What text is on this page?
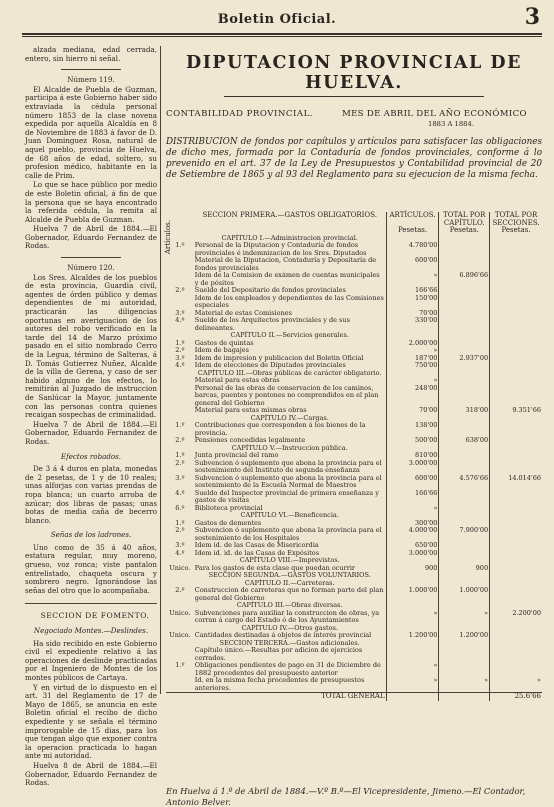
Boletin Oficial.	3

alzada mediana, edad cerrada, entero, sin hierro ni señal.

Número 119.

El Alcalde de Puebla de Guzman, participa á este Gobierno haber sido extraviada la cédula personal número 1853 de la clase novena expedida por aquella Alcaldía en 8 de Noviembre de 1883 á favor de D. Juan Dominguez Rosa, natural de aquel pueblo, provincia de Huelva, de 68 años de edad, soltero, su profesion médico, habitante en la calle de Prim.

Lo que se hace público por medio de este Boletin oficial, á fin de que la persona que se haya encontrado la referida cédula, la remita al Alcalde de Puebla de Guzman.

Huelva 7 de Abril de 1884.—El Gobernador, Eduardo Fernandez de Rodas.

Número 120.

Los Sres. Alcaldes de los pueblos de esta provincia, Guardia civil, agentes de órden público y demas dependientes de mi autoridad, practicarán las diligencias oportunas en averiguacion de los autores del robo verificado en la tarde del 14 de Marzo próximo pasado en el sitio nombrado Cerro de la Legua, término de Salteras, á D. Tomás Gutierrez Nuñez, Alcalde de la villa de Gerena, y caso de ser habido alguno de los efectos, lo remitirán al Juzgado de instruccion de Sanlúcar la Mayor, juntamente con las personas contra quienes recaigan sospechas de criminalidad.

Huelva 7 de Abril de 1884.—El Gobernador, Eduardo Fernandez de Rodas.

Efectos robados.

De 3 á 4 duros en plata, monedas de 2 pesetas, de 1 y de 10 reales; unas alforjas con varias prendas de ropa blanca; un cuarto arroba de azúcar; dos libras de pasas; unas botas de media caña de becerro blanco.

Señas de los ladrones.

Uno como de 35 á 40 años, estatura regular, muy moreno, grueso, voz ronca; viste pantalon entrelistado, chaqueta oscura y sombrero negro. Ignorándose las señas del otro que lo acompañaba.

SECCION DE FOMENTO.

Negociado Montes.—Deslindes.

Ha sido recibido en este Gobierno civil el expediente relativo á las operaciones de deslinde practicadas por el Ingeniero de Montes de los montes públicos de Cartaya.

Y en virtud de lo dispuesto en el art. 31 del Reglamento de 17 de Mayo de 1865, se anuncia en este Boletin oficial el recibo de dicho expediente y se señala el término improrogable de 15 dias, para los que tengan algo que exponer contra la operacion practicada lo hagan ante mi autoridad.

Huelva 8 de Abril de 1884.—El Gobernador, Eduardo Fernandez de Rodas.

DIPUTACION PROVINCIAL DE HUELVA.
CONTABILIDAD PROVINCIAL.	MES DE ABRIL DEL AÑO ECONÓMICO
1883 A 1884.
DISTRIBUCION de fondos por capítulos y artículos para satisfacer las obligaciones de dicho mes, formada por la Contaduría de fondos provinciales, conforme á lo prevenido en el art. 37 de la Ley de Presupuestos y Contabilidad provincial de 20 de Setiembre de 1865 y al 93 del Reglamento para su ejecucion de la misma fecha.
Artículos.
	SECCION PRIMERA.—GASTOS OBLIGATORIOS.	ARTÍCULOS.	TOTAL POR CAPÍTULO.	TOTAL POR SECCIONES.
		Pesetas.	Pesetas.	Pesetas.
	CAPÍTULO I.—Administracion provincial.			
1.º	Personal de la Diputacion y Contaduría de fondos provinciales é indemnizacion de los Sres. Diputados	4.780'00		
	Material de la Diputacion, Contaduría y Depositaría de fondos provinciales	600'00		
	Idem de la Comision de exámen de cuentas municipales y de pósitos	»	6.896'66	
2.º	Sueldo del Depositario de fondos provinciales	166'66		
	Idem de los empleados y dependientes de las Comisiones especiales	150'00		
3.º	Material de estas Comisiones	70'00		
4.º	Sueldo de los Arquitectos provinciales y de sus delineantes.	330'00		
	CAPÍTULO II.—Servicios generales.			
1.º	Gastos de quintas	2.000'00		
2.º	Idem de bagajes	»		
3.º	Idem de impresion y publicacion del Boletin Oficial	187'00	2.937'00	
4.º	Idem de elecciones de Diputados provinciales	750'00		
	CAPÍTULO III.—Obras públicas de carácter obligatorio.			
	Material para estas obras	»		
	Personal de las obras de conservacion de los caminos, barcas, puentes y pontones no comprendidos en el plan general del Gobierno	248'00		
	Material para estas mismas obras	70'00	318'00	9.351'66
	CAPÍTULO IV.—Cargas.			
1.º	Contribuciones que corresponden á los bienes de la provincia.	138'00		
2.º	Pensiones concedidas legalmente	500'00	638'00	
	CAPÍTULO V.—Instruccion pública.			
1.º	Junta provincial del ramo	810'00		
2.º	Subvencion ó suplemento que abona la provincia para el sostenimiento del Instituto de segunda enseñanza	3.000'00		
3.º	Subvencion ó suplemento que abona la provincia para el sostenimiento de la Escuela Normal de Maestros	600'00	4.576'66	14.014'66
4.º	Sueldo del Inspector provincial de primera enseñanza y gastos de visitas	166'66		
6.º	Biblioteca provincial	»		
	CAPÍTULO VI.—Beneficencia.			
1.º	Gastos de dementes	300'00		
2.º	Subvencion ó suplemento que abona la provincia para el sostenimiento de los Hospitales	4.000'00	7.900'00	
3.º	Idem id. de las Casas de Misericordia	650'00		
4.º	Idem id. id. de las Casas de Expósitos	3.000'00		
	CAPÍTULO VIII.—Imprevistos.			
Unico.	Para los gastos de esta clase que puedan ocurrir	900	900	
	SECCION SEGUNDA.—GASTOS VOLUNTARIOS.			
	CAPÍTULO II.—Carreteras.			
2.º	Construccion de carreteras que no forman parte del plan general del Gobierno	1.000'00	1.000'00	
	CAPÍTULO III.—Obras diversas.			
Unico.	Subvenciones para auxiliar la construccion de obras, ya corran á cargo del Estado ó de los Ayuntamientos	»	»	2.200'00
	CAPÍTULO IV.—Otros gastos.			
Unico.	Cantidades destinadas á objetos de interés provincial	1.200'00	1.200'00	
	SECCION TERCERA.—Gastos adicionales.			
	Capítulo único.—Resultas por adicion de ejercicios cerrados.			
1.º	Obligaciones pendientes de pago en 31 de Diciembre de 1882 procedentes del presupuesto anterior	»		
	Id. en la misma fecha procedentes de presupuestos anteriores.	»	»	»
	TOTAL GENERAL			25.6'66
En Huelva á 1.º de Abril de 1884.—V.º B.º—El Vicepresidente, Jimeno.—El Contador, Antonio Belver.
